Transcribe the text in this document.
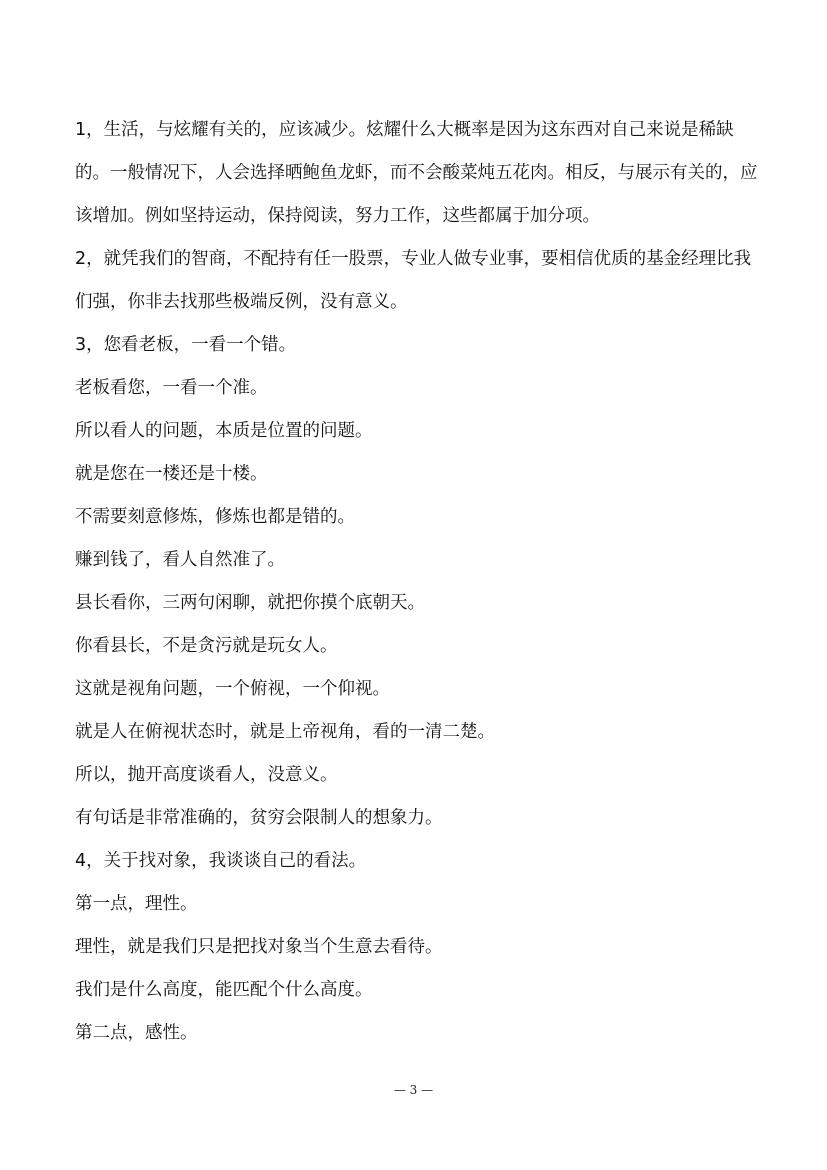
1，生活，与炫耀有关的，应该减少。炫耀什么大概率是因为这东西对自己来说是稀缺的。一般情况下，人会选择晒鲍鱼龙虾，而不会酸菜炖五花肉。相反，与展示有关的，应该增加。例如坚持运动，保持阅读，努力工作，这些都属于加分项。

2，就凭我们的智商，不配持有任一股票，专业人做专业事，要相信优质的基金经理比我们强，你非去找那些极端反例，没有意义。

3，您看老板，一看一个错。

老板看您，一看一个准。

所以看人的问题，本质是位置的问题。

就是您在一楼还是十楼。

不需要刻意修炼，修炼也都是错的。

赚到钱了，看人自然准了。

县长看你，三两句闲聊，就把你摸个底朝天。

你看县长，不是贪污就是玩女人。

这就是视角问题，一个俯视，一个仰视。

就是人在俯视状态时，就是上帝视角，看的一清二楚。

所以，抛开高度谈看人，没意义。

有句话是非常准确的，贫穷会限制人的想象力。

4，关于找对象，我谈谈自己的看法。

第一点，理性。

理性，就是我们只是把找对象当个生意去看待。

我们是什么高度，能匹配个什么高度。

第二点，感性。

— 3 —
